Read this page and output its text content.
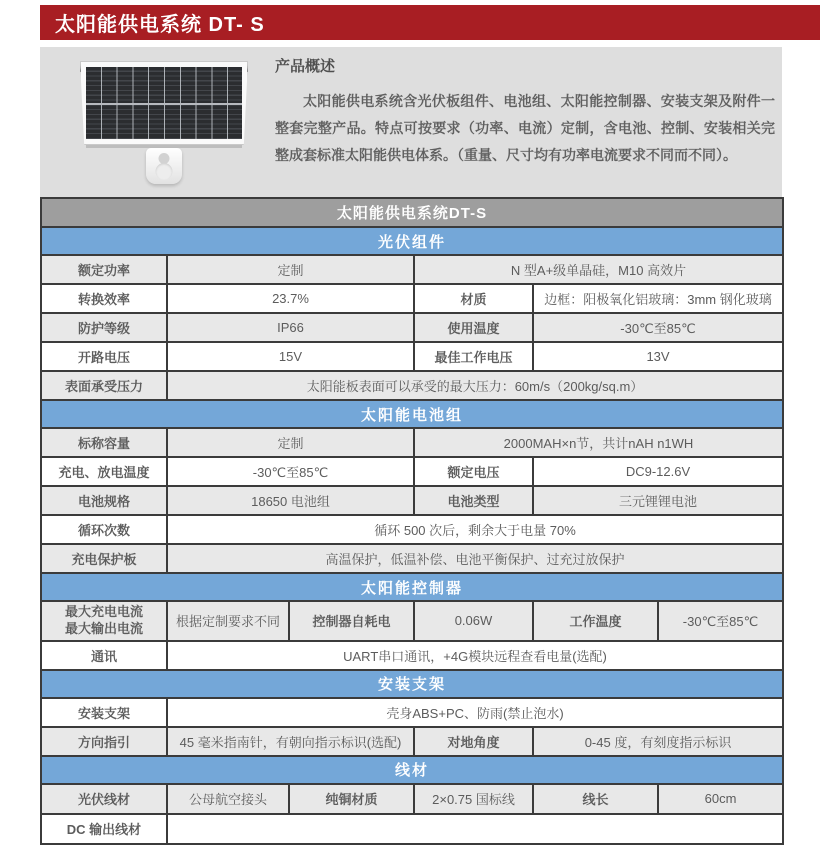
太阳能供电系统 DT- S
产品概述

太阳能供电系统含光伏板组件、电池组、太阳能控制器、安装支架及附件一整套完整产品。特点可按要求（功率、电流）定制，含电池、控制、安装相关完整成套标准太阳能供电体系。（重量、尺寸均有功率电流要求不同而不同）。

太阳能供电系统DT-S					
光伏组件					
额定功率	定制		N 型A+级单晶硅，M10 高效片		
转换效率	23.7%		材质	边框：阳极氧化铝玻璃：3mm 钢化玻璃	
防护等级	IP66		使用温度	-30℃至85℃	
开路电压	15V		最佳工作电压	13V	
表面承受压力	太阳能板表面可以承受的最大压力：60m/s（200kg/sq.m）				
太阳能电池组					
标称容量	定制		2000MAH×n节，共计nAH n1WH		
充电、放电温度	-30℃至85℃		额定电压	DC9-12.6V	
电池规格	18650 电池组		电池类型	三元锂锂电池	
循环次数	循环 500 次后，剩余大于电量 70%				
充电保护板	高温保护，低温补偿、电池平衡保护、过充过放保护				
太阳能控制器					

最大充电电流
最大输出电流	根据定制要求不同	控制器自耗电	0.06W	工作温度	-30℃至85℃
通讯	UART串口通讯，+4G模块远程查看电量(选配)				
安装支架					
安装支架	壳身ABS+PC、防雨(禁止泡水)				
方向指引	45 毫米指南针，有朝向指示标识(选配)		对地角度	0-45 度，有刻度指示标识	
线材					
光伏线材	公母航空接头	纯铜材质	2×0.75 国标线	线长	60cm
DC 输出线材					
